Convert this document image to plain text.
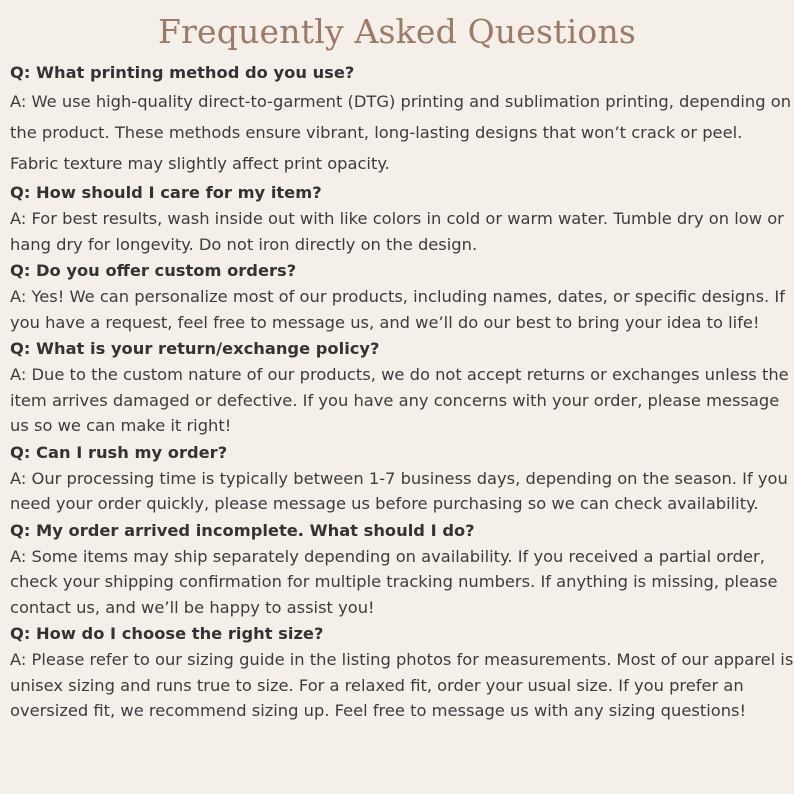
Frequently Asked Questions
Q: What printing method do you use?
A: We use high-quality direct-to-garment (DTG) printing and sublimation printing, depending on the product. These methods ensure vibrant, long-lasting designs that won’t crack or peel. Fabric texture may slightly affect print opacity.
Q: How should I care for my item?
A: For best results, wash inside out with like colors in cold or warm water. Tumble dry on low or hang dry for longevity. Do not iron directly on the design.
Q: Do you offer custom orders?
A: Yes! We can personalize most of our products, including names, dates, or specific designs. If you have a request, feel free to message us, and we’ll do our best to bring your idea to life!
Q: What is your return/exchange policy?
A: Due to the custom nature of our products, we do not accept returns or exchanges unless the item arrives damaged or defective. If you have any concerns with your order, please message us so we can make it right!
Q: Can I rush my order?
A: Our processing time is typically between 1-7 business days, depending on the season. If you need your order quickly, please message us before purchasing so we can check availability.
Q: My order arrived incomplete. What should I do?
A: Some items may ship separately depending on availability. If you received a partial order, check your shipping confirmation for multiple tracking numbers. If anything is missing, please contact us, and we’ll be happy to assist you!
Q: How do I choose the right size?
A: Please refer to our sizing guide in the listing photos for measurements. Most of our apparel is unisex sizing and runs true to size. For a relaxed fit, order your usual size. If you prefer an oversized fit, we recommend sizing up. Feel free to message us with any sizing questions!
